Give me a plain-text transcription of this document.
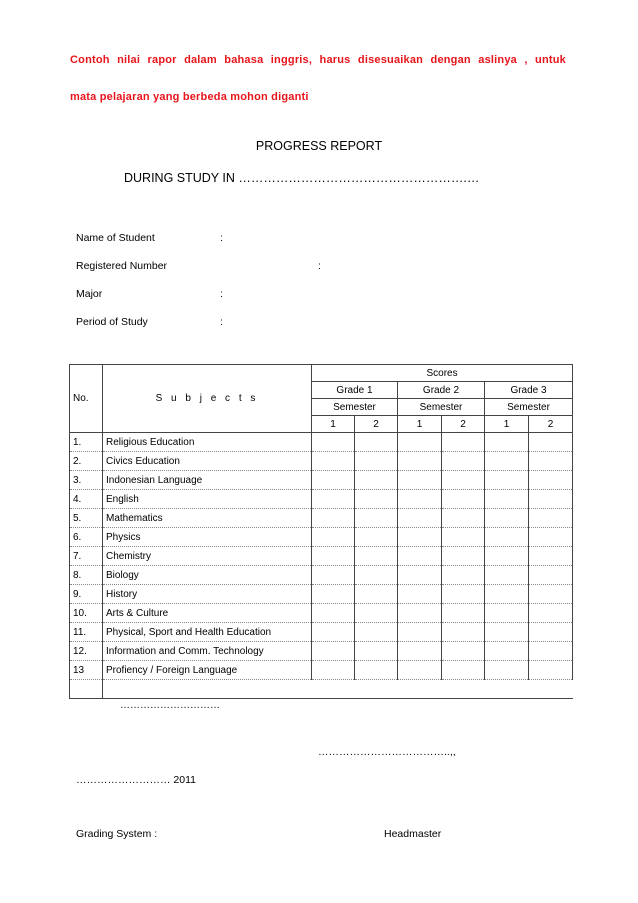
Contoh nilai rapor dalam bahasa inggris, harus disesuaikan dengan aslinya , untuk
mata pelajaran yang berbeda mohon diganti
PROGRESS REPORT
DURING STUDY IN ……………………………………………….…
Name of Student	:
Registered Number	:
Major	:
Period of Study	:
No.	S u b j e c t s	Scores					
		Grade 1		Grade 2		Grade 3	
		Semester		Semester		Semester	
		1	2	1	2	1	2
1.	Religious Education						
2.	Civics Education						
3.	Indonesian Language						
4.	English						
5.	Mathematics						
6.	Physics						
7.	Chemistry						
8.	Biology						
9.	History						
10.	Arts & Culture						
11.	Physical, Sport and Health Education						
12.	Information and Comm. Technology						
13	Profiency / Foreign Language						

…………………………
………………………………..,,
……………………… 2011
Grading System :	Headmaster
